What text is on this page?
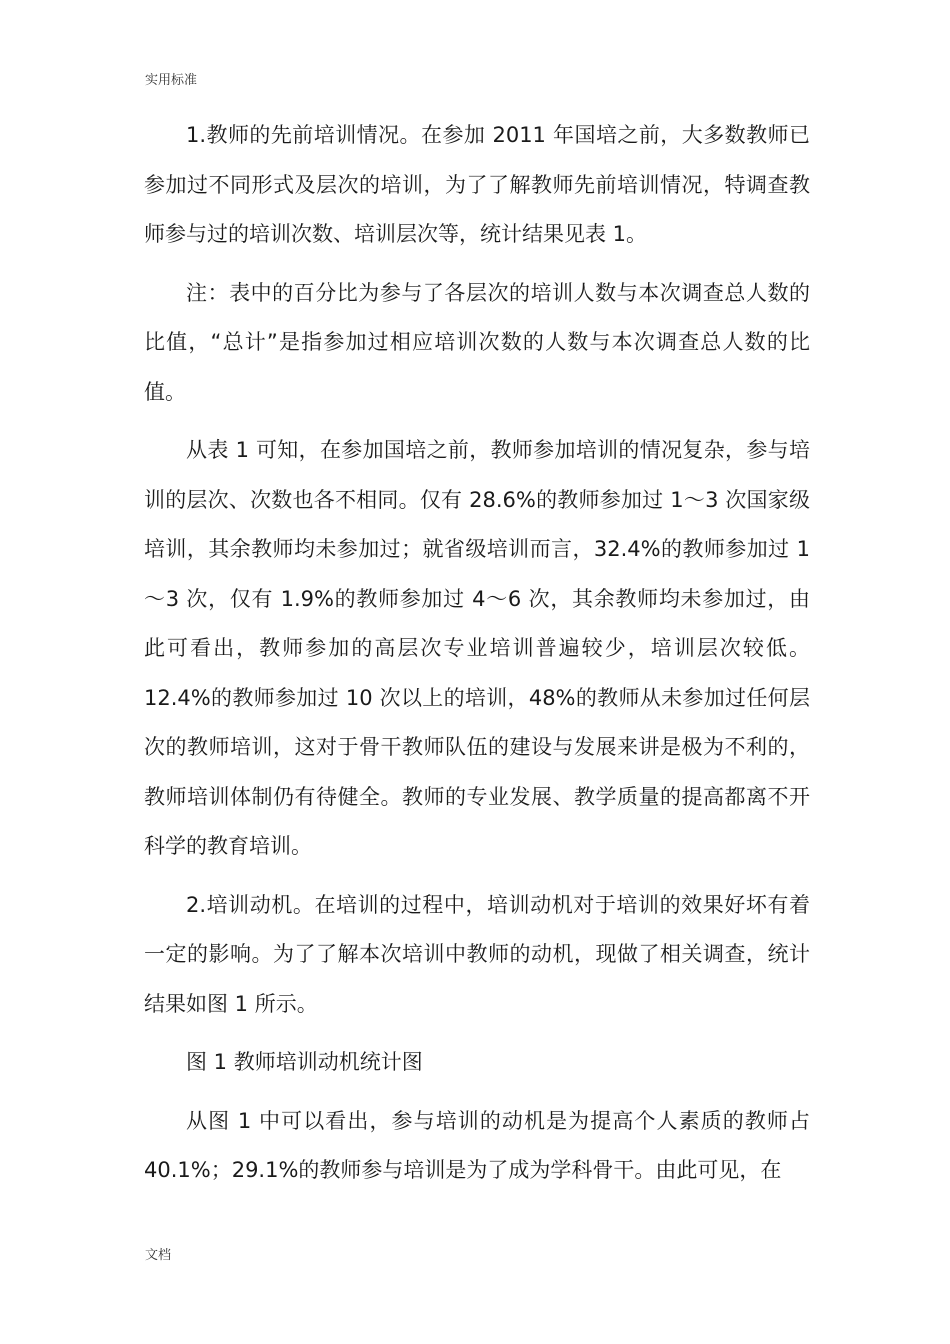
实用标准

1.教师的先前培训情况。在参加 2011 年国培之前，大多数教师已参加过不同形式及层次的培训，为了了解教师先前培训情况，特调查教师参与过的培训次数、培训层次等，统计结果见表 1。

注：表中的百分比为参与了各层次的培训人数与本次调查总人数的比值，“总计”是指参加过相应培训次数的人数与本次调查总人数的比值。

从表 1 可知，在参加国培之前，教师参加培训的情况复杂，参与培训的层次、次数也各不相同。仅有 28.6%的教师参加过 1～3 次国家级培训，其余教师均未参加过；就省级培训而言，32.4%的教师参加过 1～3 次，仅有 1.9%的教师参加过 4～6 次，其余教师均未参加过，由此可看出，教师参加的高层次专业培训普遍较少，培训层次较低。12.4%的教师参加过 10 次以上的培训，48%的教师从未参加过任何层次的教师培训，这对于骨干教师队伍的建设与发展来讲是极为不利的，教师培训体制仍有待健全。教师的专业发展、教学质量的提高都离不开科学的教育培训。

2.培训动机。在培训的过程中，培训动机对于培训的效果好坏有着一定的影响。为了了解本次培训中教师的动机，现做了相关调查，统计结果如图 1 所示。

图 1 教师培训动机统计图

从图 1 中可以看出，参与培训的动机是为提高个人素质的教师占 40.1%；29.1%的教师参与培训是为了成为学科骨干。由此可见，在

文档
